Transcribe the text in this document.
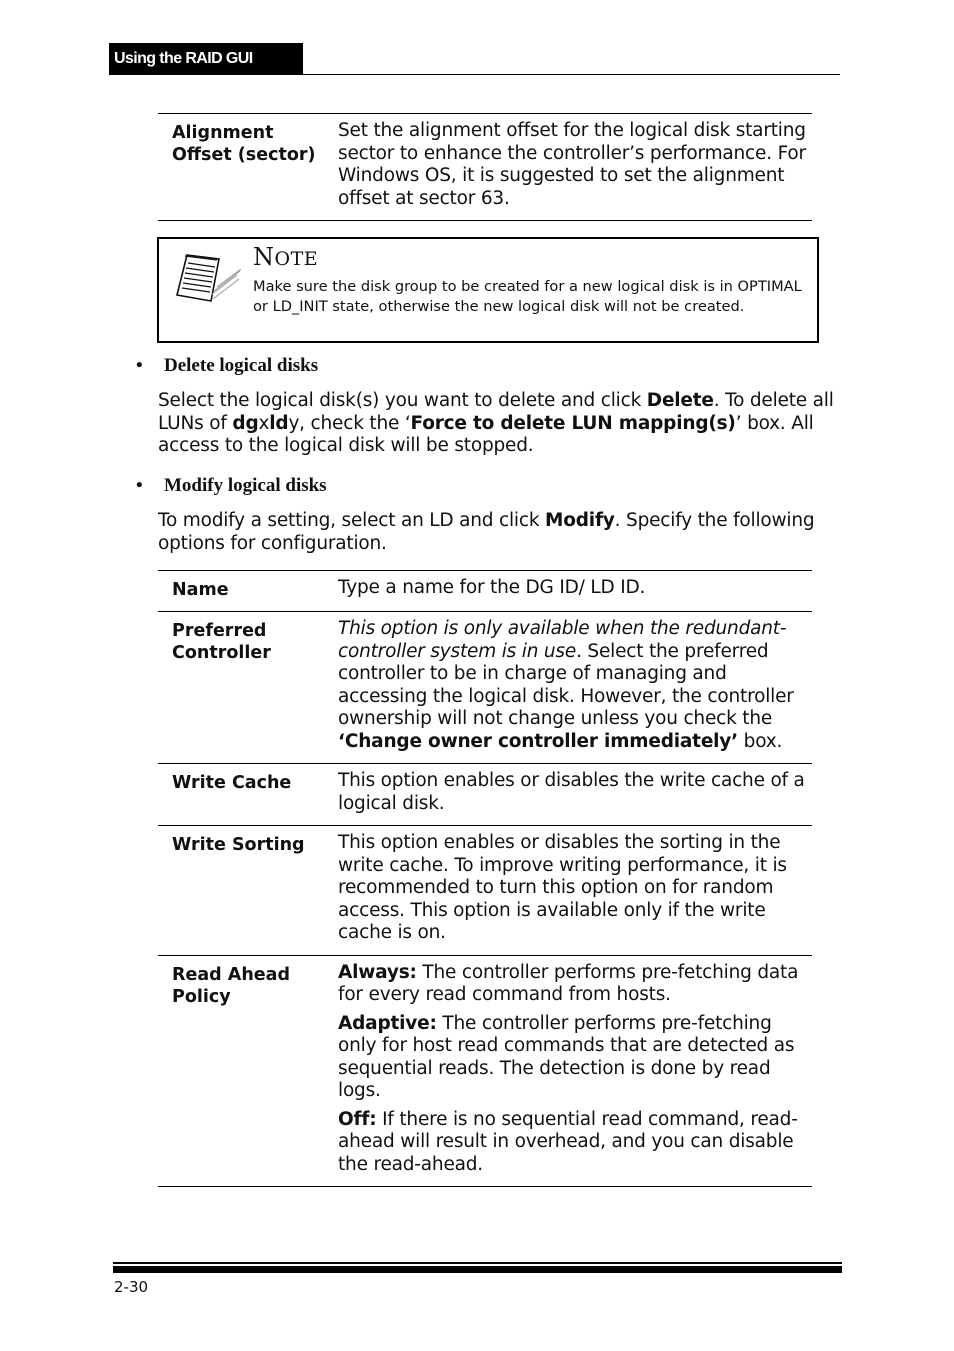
Using the RAID GUI
Alignment Offset (sector)	Set the alignment offset for the logical disk starting sector to enhance the controller’s performance. For Windows OS, it is suggested to set the alignment offset at sector 63.
NOTE
Make sure the disk group to be created for a new logical disk is in OPTIMAL or LD_INIT state, otherwise the new logical disk will not be created.
• Delete logical disks
Select the logical disk(s) you want to delete and click Delete. To delete all LUNs of dgxldy, check the ‘Force to delete LUN mapping(s)’ box. All access to the logical disk will be stopped.
• Modify logical disks
To modify a setting, select an LD and click Modify. Specify the following options for configuration.
Name	Type a name for the DG ID/ LD ID.
Preferred Controller	This option is only available when the redundant-controller system is in use. Select the preferred controller to be in charge of managing and accessing the logical disk. However, the controller ownership will not change unless you check the ‘Change owner controller immediately’ box.
Write Cache	This option enables or disables the write cache of a logical disk.
Write Sorting	This option enables or disables the sorting in the write cache. To improve writing performance, it is recommended to turn this option on for random access. This option is available only if the write cache is on.
Read Ahead Policy	Always: The controller performs pre-fetching data for every read command from hosts.

Adaptive: The controller performs pre-fetching only for host read commands that are detected as sequential reads. The detection is done by read logs.

Off: If there is no sequential read command, read-ahead will result in overhead, and you can disable the read-ahead.

2-30
